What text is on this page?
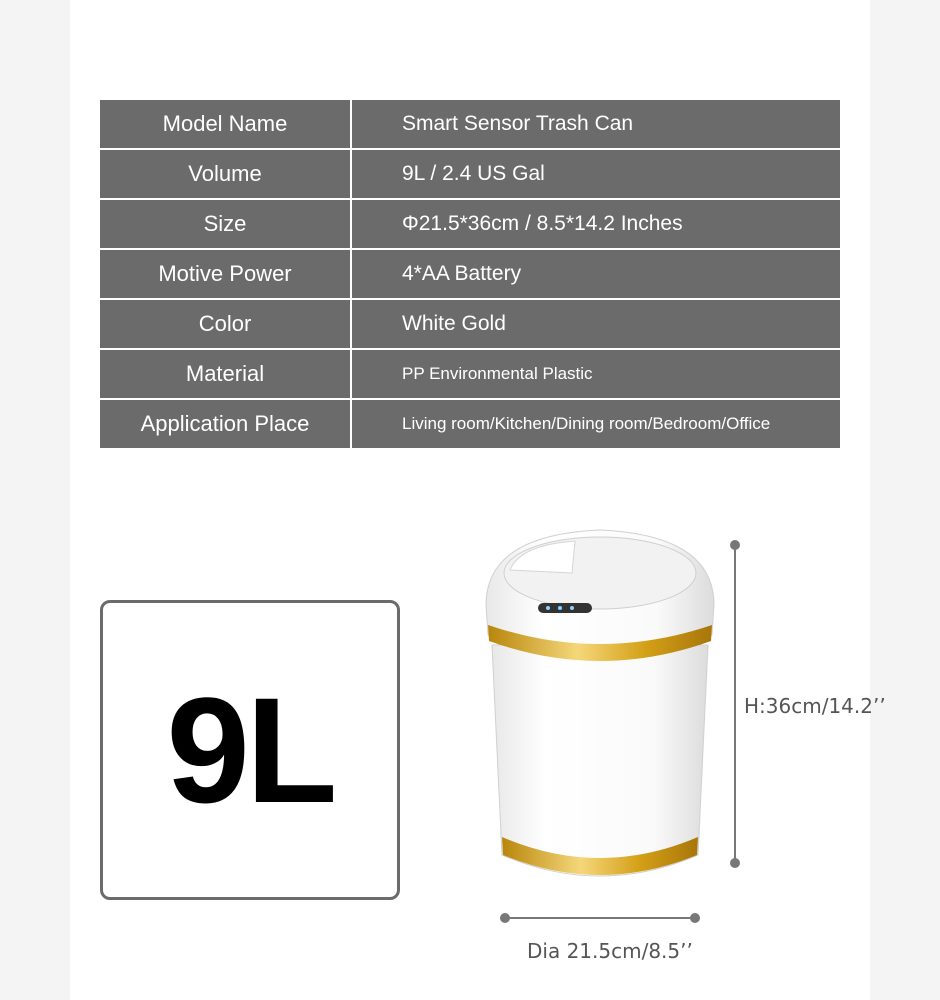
Model Name	Smart Sensor Trash Can
Volume	9L / 2.4 US Gal
Size	Φ21.5*36cm / 8.5*14.2 Inches
Motive Power	4*AA Battery
Color	White Gold
Material	PP Environmental Plastic
Application Place	Living room/Kitchen/Dining room/Bedroom/Office
9L	H:36cm/14.2’’
Dia 21.5cm/8.5’’
